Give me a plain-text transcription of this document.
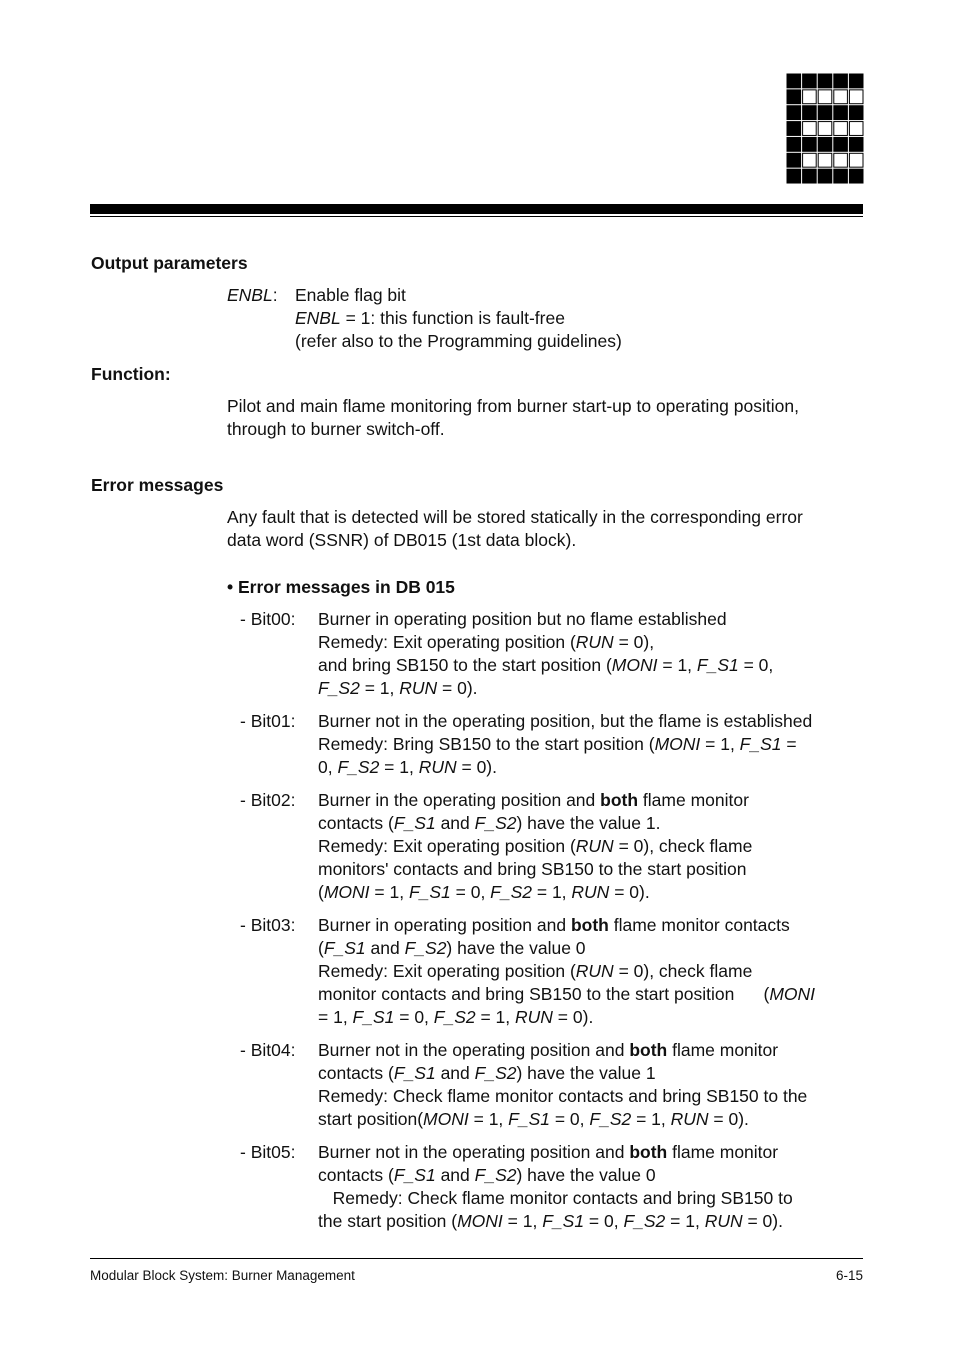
Output parameters
ENBL: Enable flag bit
ENBL = 1: this function is fault-free
(refer also to the Programming guidelines)
Function:
Pilot and main flame monitoring from burner start-up to operating position,
through to burner switch-off.
Error messages
Any fault that is detected will be stored statically in the corresponding error
data word (SSNR) of DB015 (1st data block).
• Error messages in DB 015
- Bit00:	Burner in operating position but no flame established
Remedy: Exit operating position (RUN = 0),
and bring SB150 to the start position (MONI = 1, F_S1 = 0,
F_S2 = 1, RUN = 0).
- Bit01:	Burner not in the operating position, but the flame is established
Remedy: Bring SB150 to the start position (MONI = 1, F_S1 =
0, F_S2 = 1, RUN = 0).
- Bit02:	Burner in the operating position and both flame monitor
contacts (F_S1 and F_S2) have the value 1.
Remedy: Exit operating position (RUN = 0), check flame
monitors' contacts and bring SB150 to the start position
(MONI = 1, F_S1 = 0, F_S2 = 1, RUN = 0).
- Bit03:	Burner in operating position and both flame monitor contacts
(F_S1 and F_S2) have the value 0
Remedy: Exit operating position (RUN = 0), check flame
monitor contacts and bring SB150 to the start position      (MONI
= 1, F_S1 = 0, F_S2 = 1, RUN = 0).
- Bit04:	Burner not in the operating position and both flame monitor
contacts (F_S1 and F_S2) have the value 1
Remedy: Check flame monitor contacts and bring SB150 to the
start position(MONI = 1, F_S1 = 0, F_S2 = 1, RUN = 0).
- Bit05:	Burner not in the operating position and both flame monitor
contacts (F_S1 and F_S2) have the value 0
Remedy: Check flame monitor contacts and bring SB150 to
the start position (MONI = 1, F_S1 = 0, F_S2 = 1, RUN = 0).
Modular Block System: Burner Management	6-15
